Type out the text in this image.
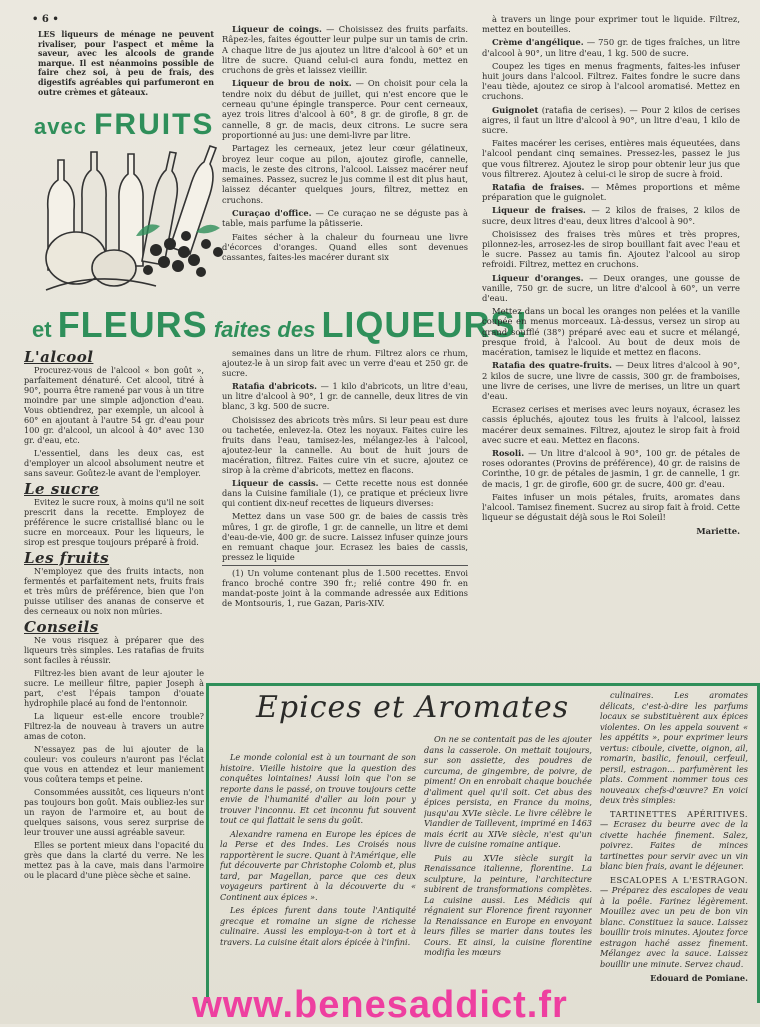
• 6 •
LES liqueurs de ménage ne peuvent rivaliser, pour l'aspect et même la saveur, avec les alcools de grande marque. Il est néanmoins possible de faire chez soi, à peu de frais, des digestifs agréables qui parfumeront en outre crèmes et gâteaux.
avec FRUITS
et FLEURS faites des LIQUEURS!

Liqueur de coings. — Choisissez des fruits parfaits. Râpez-les, faites égoutter leur pulpe sur un tamis de crin. A chaque litre de jus ajoutez un litre d'alcool à 60° et un litre de sucre. Quand celui-ci aura fondu, mettez en cruchons de grès et laissez vieillir.

Liqueur de brou de noix. — On choisit pour cela la tendre noix du début de juillet, qui n'est encore que le cerneau qu'une épingle transperce. Pour cent cerneaux, ayez trois litres d'alcool à 60°, 8 gr. de girofle, 8 gr. de cannelle, 8 gr. de macis, deux citrons. Le sucre sera proportionné au jus: une demi-livre par litre.

Partagez les cerneaux, jetez leur cœur gélatineux, broyez leur coque au pilon, ajoutez girofle, cannelle, macis, le zeste des citrons, l'alcool. Laissez macérer neuf semaines. Passez, sucrez le jus comme il est dit plus haut, laissez décanter quelques jours, filtrez, mettez en cruchons.

Curaçao d'office. — Ce curaçao ne se déguste pas à table, mais parfume la pâtisserie.

Faites sécher à la chaleur du fourneau une livre d'écorces d'oranges. Quand elles sont devenues cassantes, faites-les macérer durant six

à travers un linge pour exprimer tout le liquide. Filtrez, mettez en bouteilles.

Crème d'angélique. — 750 gr. de tiges fraîches, un litre d'alcool à 90°, un litre d'eau, 1 kg. 500 de sucre.

Coupez les tiges en menus fragments, faites-les infuser huit jours dans l'alcool. Filtrez. Faites fondre le sucre dans l'eau tiède, ajoutez ce sirop à l'alcool aromatisé. Mettez en cruchons.

Guignolet (ratafia de cerises). — Pour 2 kilos de cerises aigres, il faut un litre d'alcool à 90°, un litre d'eau, 1 kilo de sucre.

Faites macérer les cerises, entières mais équeutées, dans l'alcool pendant cinq semaines. Pressez-les, passez le jus que vous filtrerez. Ajoutez le sirop pour obtenir leur jus que vous filtrerez. Ajoutez à celui-ci le sirop de sucre à froid.

Ratafia de fraises. — Mêmes proportions et même préparation que le guignolet.

Liqueur de fraises. — 2 kilos de fraises, 2 kilos de sucre, deux litres d'eau, deux litres d'alcool à 90°.

Choisissez des fraises très mûres et très propres, pilonnez-les, arrosez-les de sirop bouillant fait avec l'eau et le sucre. Passez au tamis fin. Ajoutez l'alcool au sirop refroidi. Filtrez, mettez en cruchons.

Liqueur d'oranges. — Deux oranges, une gousse de vanille, 750 gr. de sucre, un litre d'alcool à 60°, un verre d'eau.

Mettez dans un bocal les oranges non pelées et la vanille coupée en menus morceaux. Là-dessus, versez un sirop au grand soufflé (38°) préparé avec eau et sucre et mélangé, presque froid, à l'alcool. Au bout de deux mois de macération, tamisez le liquide et mettez en flacons.

Ratafia des quatre-fruits. — Deux litres d'alcool à 90°, 2 kilos de sucre, une livre de cassis, 300 gr. de framboises, une livre de cerises, une livre de merises, un litre un quart d'eau.

Ecrasez cerises et merises avec leurs noyaux, écrasez les cassis épluchés, ajoutez tous les fruits à l'alcool, laissez macérer deux semaines. Filtrez, ajoutez le sirop fait à froid avec sucre et eau. Mettez en flacons.

Rosoli. — Un litre d'alcool à 90°, 100 gr. de pétales de roses odorantes (Provins de préférence), 40 gr. de raisins de Corinthe, 10 gr. de pétales de jasmin, 1 gr. de cannelle, 1 gr. de macis, 1 gr. de girofle, 600 gr. de sucre, 400 gr. d'eau.

Faites infuser un mois pétales, fruits, aromates dans l'alcool. Tamisez finement. Sucrez au sirop fait à froid. Cette liqueur se dégustait déjà sous le Roi Soleil!

Mariette.
L'alcool

Procurez-vous de l'alcool « bon goût », parfaitement dénaturé. Cet alcool, titré à 90°, pourra être ramené par vous à un titre moindre par une simple adjonction d'eau. Vous obtiendrez, par exemple, un alcool à 60° en ajoutant à l'autre 54 gr. d'eau pour 100 gr. d'alcool, un alcool à 40° avec 130 gr. d'eau, etc.

L'essentiel, dans les deux cas, est d'employer un alcool absolument neutre et sans saveur. Goûtez-le avant de l'employer.

Le sucre

Evitez le sucre roux, à moins qu'il ne soit prescrit dans la recette. Employez de préférence le sucre cristallisé blanc ou le sucre en morceaux. Pour les liqueurs, le sirop est presque toujours préparé à froid.

Les fruits

N'employez que des fruits intacts, non fermentés et parfaitement nets, fruits frais et très mûrs de préférence, bien que l'on puisse utiliser des ananas de conserve et des cerneaux ou noix non mûries.

Conseils

Ne vous risquez à préparer que des liqueurs très simples. Les ratafias de fruits sont faciles à réussir.

Filtrez-les bien avant de leur ajouter le sucre. Le meilleur filtre, papier Joseph à part, c'est l'épais tampon d'ouate hydrophile placé au fond de l'entonnoir.

La liqueur est-elle encore trouble? Filtrez-la de nouveau à travers un autre amas de coton.

N'essayez pas de lui ajouter de la couleur: vos couleurs n'auront pas l'éclat que vous en attendez et leur maniement vous coûtera temps et peine.

Consommées aussitôt, ces liqueurs n'ont pas toujours bon goût. Mais oubliez-les sur un rayon de l'armoire et, au bout de quelques saisons, vous serez surprise de leur trouver une aussi agréable saveur.

Elles se portent mieux dans l'opacité du grès que dans la clarté du verre. Ne les mettez pas à la cave, mais dans l'armoire ou le placard d'une pièce sèche et saine.

semaines dans un litre de rhum. Filtrez alors ce rhum, ajoutez-le à un sirop fait avec un verre d'eau et 250 gr. de sucre.

Ratafia d'abricots. — 1 kilo d'abricots, un litre d'eau, un litre d'alcool à 90°, 1 gr. de cannelle, deux litres de vin blanc, 3 kg. 500 de sucre.

Choisissez des abricots très mûrs. Si leur peau est dure ou tachetée, enlevez-la. Otez les noyaux. Faites cuire les fruits dans l'eau, tamisez-les, mélangez-les à l'alcool, ajoutez-leur la cannelle. Au bout de huit jours de macération, filtrez. Faites cuire vin et sucre, ajoutez ce sirop à la crème d'abricots, mettez en flacons.

Liqueur de cassis. — Cette recette nous est donnée dans la Cuisine familiale (1), ce pratique et précieux livre qui contient dix-neuf recettes de liqueurs diverses:

Mettez dans un vase 500 gr. de baies de cassis très mûres, 1 gr. de girofle, 1 gr. de cannelle, un litre et demi d'eau-de-vie, 400 gr. de sucre. Laissez infuser quinze jours en remuant chaque jour. Ecrasez les baies de cassis, pressez le liquide

(1) Un volume contenant plus de 1.500 recettes. Envoi franco broché contre 390 fr.; relié contre 490 fr. en mandat-poste joint à la commande adressée aux Editions de Montsouris, 1, rue Gazan, Paris-XIV.

Epices et Aromates

Le monde colonial est à un tournant de son histoire. Vieille histoire que la question des conquêtes lointaines! Aussi loin que l'on se reporte dans le passé, on trouve toujours cette envie de l'humanité d'aller au loin pour y trouver l'inconnu. Et cet inconnu fut souvent tout ce qui flattait le sens du goût.

Alexandre ramena en Europe les épices de la Perse et des Indes. Les Croisés nous rapportèrent le sucre. Quant à l'Amérique, elle fut découverte par Christophe Colomb et, plus tard, par Magellan, parce que ces deux voyageurs partirent à la découverte du « Continent aux épices ».

Les épices furent dans toute l'Antiquité grecque et romaine un signe de richesse culinaire. Aussi les employa-t-on à tort et à travers. La cuisine était alors épicée à l'infini.

On ne se contentait pas de les ajouter dans la casserole. On mettait toujours, sur son assiette, des poudres de curcuma, de gingembre, de poivre, de piment! On en enrobait chaque bouchée d'aliment quel qu'il soit. Cet abus des épices persista, en France du moins, jusqu'au XVIe siècle. Le livre célèbre le Viandier de Taillevent, imprimé en 1463 mais écrit au XIVe siècle, n'est qu'un livre de cuisine romaine antique.

Puis au XVIe siècle surgit la Renaissance italienne, florentine. La sculpture, la peinture, l'architecture subirent de transformations complètes. La cuisine aussi. Les Médicis qui régnaient sur Florence firent rayonner la Renaissance en Europe en envoyant leurs filles se marier dans toutes les Cours. Et ainsi, la cuisine florentine modifia les mœurs

culinaires. Les aromates délicats, c'est-à-dire les parfums locaux se substituèrent aux épices violentes. On les appela souvent « les appétits », pour exprimer leurs vertus: ciboule, civette, oignon, ail, romarin, basilic, fenouil, cerfeuil, persil, estragon... parfumèrent les plats. Comment nommer tous ces nouveaux chefs-d'œuvre? En voici deux très simples:

TARTINETTES APÉRITIVES. — Ecrasez du beurre avec de la civette hachée finement. Salez, poivrez. Faites de minces tartinettes pour servir avec un vin blanc bien frais, avant le déjeuner.

ESCALOPES A L'ESTRAGON. — Préparez des escalopes de veau à la poêle. Farinez légèrement. Mouillez avec un peu de bon vin blanc. Constituez la sauce. Laissez bouillir trois minutes. Ajoutez force estragon haché assez finement. Mélangez avec la sauce. Laissez bouillir une minute. Servez chaud.

Edouard de Pomiane.
www.benesaddict.fr
